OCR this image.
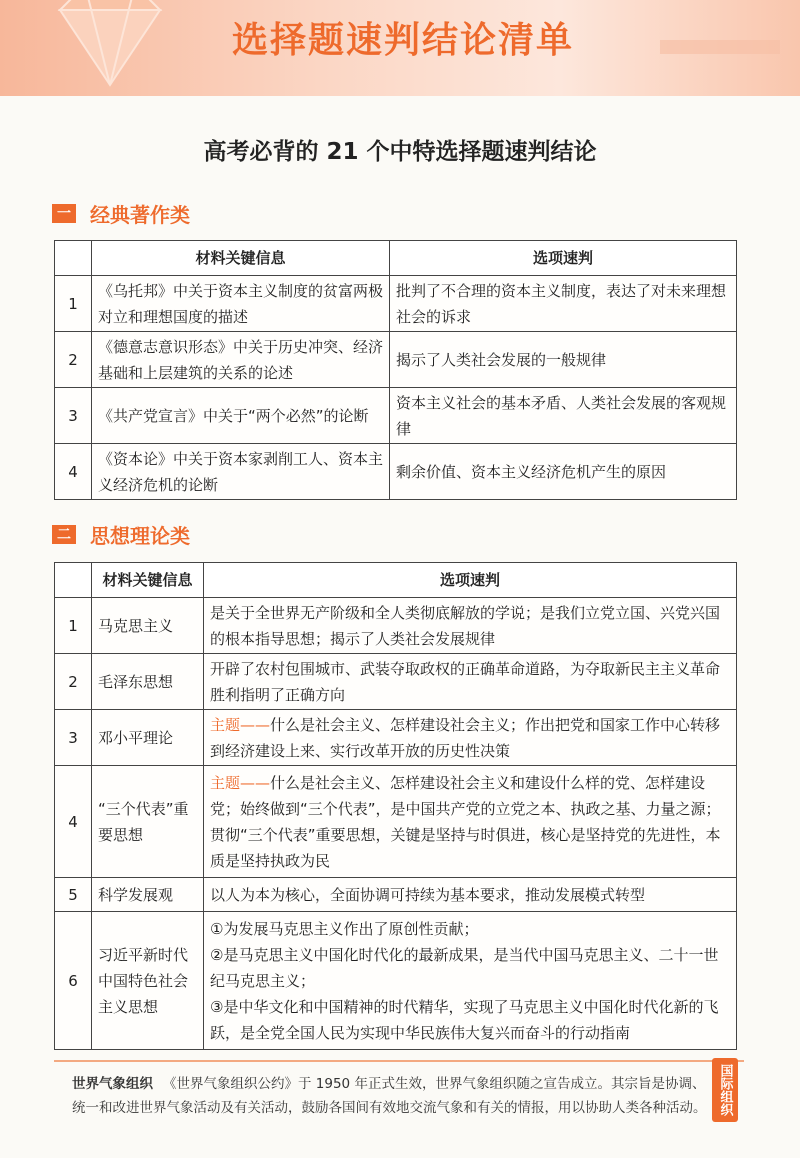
选择题速判结论清单
高考必背的 21 个中特选择题速判结论
一 经典著作类
	材料关键信息	选项速判
1	《乌托邦》中关于资本主义制度的贫富两极对立和理想国度的描述	批判了不合理的资本主义制度，表达了对未来理想社会的诉求
2	《德意志意识形态》中关于历史冲突、经济基础和上层建筑的关系的论述	揭示了人类社会发展的一般规律
3	《共产党宣言》中关于“两个必然”的论断	资本主义社会的基本矛盾、人类社会发展的客观规律
4	《资本论》中关于资本家剥削工人、资本主义经济危机的论断	剩余价值、资本主义经济危机产生的原因
二 思想理论类
	材料关键信息	选项速判
1	马克思主义	是关于全世界无产阶级和全人类彻底解放的学说；是我们立党立国、兴党兴国的根本指导思想；揭示了人类社会发展规律
2	毛泽东思想	开辟了农村包围城市、武装夺取政权的正确革命道路，为夺取新民主主义革命胜利指明了正确方向
3	邓小平理论	主题——什么是社会主义、怎样建设社会主义；作出把党和国家工作中心转移到经济建设上来、实行改革开放的历史性决策
4	“三个代表”重要思想	主题——什么是社会主义、怎样建设社会主义和建设什么样的党、怎样建设党；始终做到“三个代表”，是中国共产党的立党之本、执政之基、力量之源；贯彻“三个代表”重要思想，关键是坚持与时俱进，核心是坚持党的先进性，本质是坚持执政为民
5	科学发展观	以人为本为核心，全面协调可持续为基本要求，推动发展模式转型
6	习近平新时代中国特色社会主义思想	①为发展马克思主义作出了原创性贡献；
②是马克思主义中国化时代化的最新成果，是当代中国马克思主义、二十一世纪马克思主义；
③是中华文化和中国精神的时代精华，实现了马克思主义中国化时代化新的飞跃，是全党全国人民为实现中华民族伟大复兴而奋斗的行动指南
世界气象组织 《世界气象组织公约》于 1950 年正式生效，世界气象组织随之宣告成立。其宗旨是协调、统一和改进世界气象活动及有关活动，鼓励各国间有效地交流气象和有关的情报，用以协助人类各种活动。 国际组织
